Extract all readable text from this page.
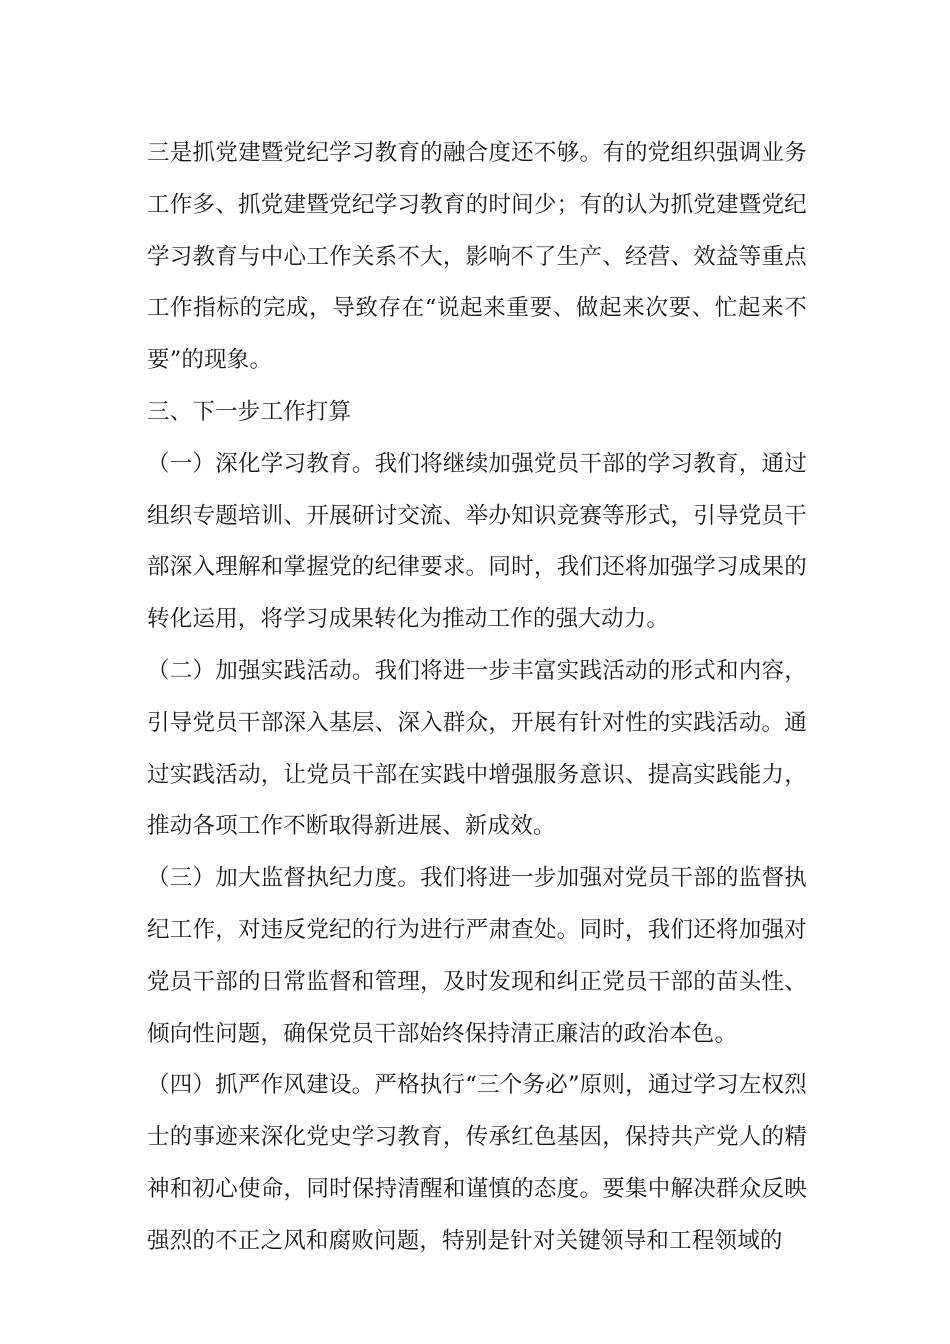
三是抓党建暨党纪学习教育的融合度还不够。有的党组织强调业务工作多、抓党建暨党纪学习教育的时间少；有的认为抓党建暨党纪学习教育与中心工作关系不大，影响不了生产、经营、效益等重点工作指标的完成，导致存在“说起来重要、做起来次要、忙起来不要”的现象。

三、下一步工作打算

（一）深化学习教育。我们将继续加强党员干部的学习教育，通过组织专题培训、开展研讨交流、举办知识竞赛等形式，引导党员干部深入理解和掌握党的纪律要求。同时，我们还将加强学习成果的转化运用，将学习成果转化为推动工作的强大动力。

（二）加强实践活动。我们将进一步丰富实践活动的形式和内容，引导党员干部深入基层、深入群众，开展有针对性的实践活动。通过实践活动，让党员干部在实践中增强服务意识、提高实践能力，推动各项工作不断取得新进展、新成效。

（三）加大监督执纪力度。我们将进一步加强对党员干部的监督执纪工作，对违反党纪的行为进行严肃查处。同时，我们还将加强对党员干部的日常监督和管理，及时发现和纠正党员干部的苗头性、倾向性问题，确保党员干部始终保持清正廉洁的政治本色。

（四）抓严作风建设。严格执行“三个务必”原则，通过学习左权烈士的事迹来深化党史学习教育，传承红色基因，保持共产党人的精神和初心使命，同时保持清醒和谨慎的态度。要集中解决群众反映强烈的不正之风和腐败问题，特别是针对关键领导和工程领域的
